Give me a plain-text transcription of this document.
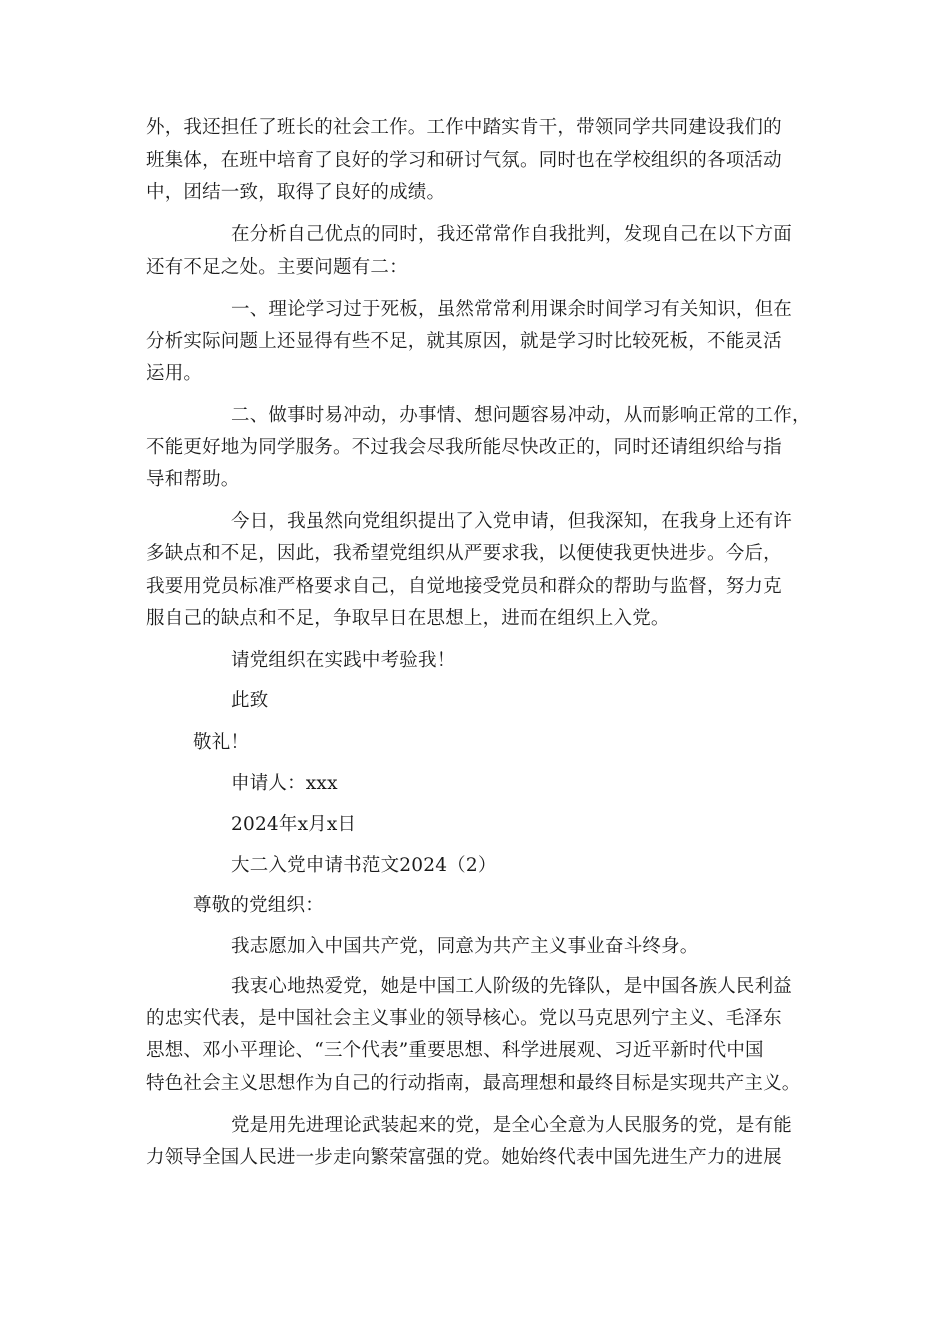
外，我还担任了班长的社会工作。工作中踏实肯干，带领同学共同建设我们的
班集体，在班中培育了良好的学习和研讨气氛。同时也在学校组织的各项活动
中，团结一致，取得了良好的成绩。
在分析自己优点的同时，我还常常作自我批判，发现自己在以下方面
还有不足之处。主要问题有二：
一、理论学习过于死板，虽然常常利用课余时间学习有关知识，但在
分析实际问题上还显得有些不足，就其原因，就是学习时比较死板，不能灵活
运用。
二、做事时易冲动，办事情、想问题容易冲动，从而影响正常的工作，
不能更好地为同学服务。不过我会尽我所能尽快改正的，同时还请组织给与指
导和帮助。
今日，我虽然向党组织提出了入党申请，但我深知，在我身上还有许
多缺点和不足，因此，我希望党组织从严要求我，以便使我更快进步。今后，
我要用党员标准严格要求自己，自觉地接受党员和群众的帮助与监督，努力克
服自己的缺点和不足，争取早日在思想上，进而在组织上入党。
请党组织在实践中考验我！
此致
敬礼！
申请人：xxx
2024年x月x日
大二入党申请书范文2024（2）
尊敬的党组织：
我志愿加入中国共产党，同意为共产主义事业奋斗终身。
我衷心地热爱党，她是中国工人阶级的先锋队，是中国各族人民利益
的忠实代表，是中国社会主义事业的领导核心。党以马克思列宁主义、毛泽东
思想、邓小平理论、“三个代表”重要思想、科学进展观、习近平新时代中国
特色社会主义思想作为自己的行动指南，最高理想和最终目标是实现共产主义。
党是用先进理论武装起来的党，是全心全意为人民服务的党，是有能
力领导全国人民进一步走向繁荣富强的党。她始终代表中国先进生产力的进展
